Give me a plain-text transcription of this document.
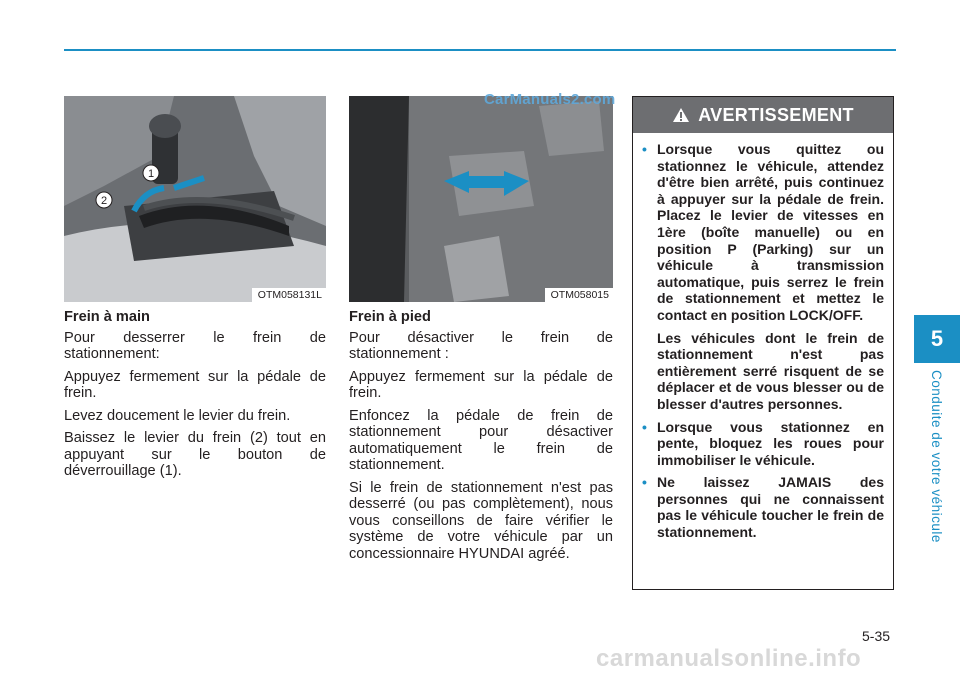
1
2
OTM058131L	OTM058015
CarManuals2.com

Frein à main

Pour desserrer le frein de stationnement:

Appuyez fermement sur la pédale de frein.

Levez doucement le levier du frein.

Baissez le levier du frein (2) tout en appuyant sur le bouton de déverrouillage (1).

Frein à pied

Pour désactiver le frein de stationnement :

Appuyez fermement sur la pédale de frein.

Enfoncez la pédale de frein de stationnement pour désactiver automatiquement le frein de stationnement.

Si le frein de stationnement n'est pas desserré (ou pas complètement), nous vous conseillons de faire vérifier le système de votre véhicule par un concessionnaire HYUNDAI agréé.

AVERTISSEMENT
• Lorsque vous quittez ou stationnez le véhicule, attendez d'être bien arrêté, puis continuez à appuyer sur la pédale de frein. Placez le levier de vitesses en 1ère (boîte manuelle) ou en position P (Parking) sur un véhicule à transmission automatique, puis serrez le frein de stationnement et mettez le contact en position LOCK/OFF.
Les véhicules dont le frein de stationnement n'est pas entièrement serré risquent de se déplacer et de vous blesser ou de blesser d'autres personnes.
• Lorsque vous stationnez en pente, bloquez les roues pour immobiliser le véhicule.
• Ne laissez JAMAIS des personnes qui ne connaissent pas le véhicule toucher le frein de stationnement.
5
Conduite de votre véhicule
5-35
carmanualsonline.info
